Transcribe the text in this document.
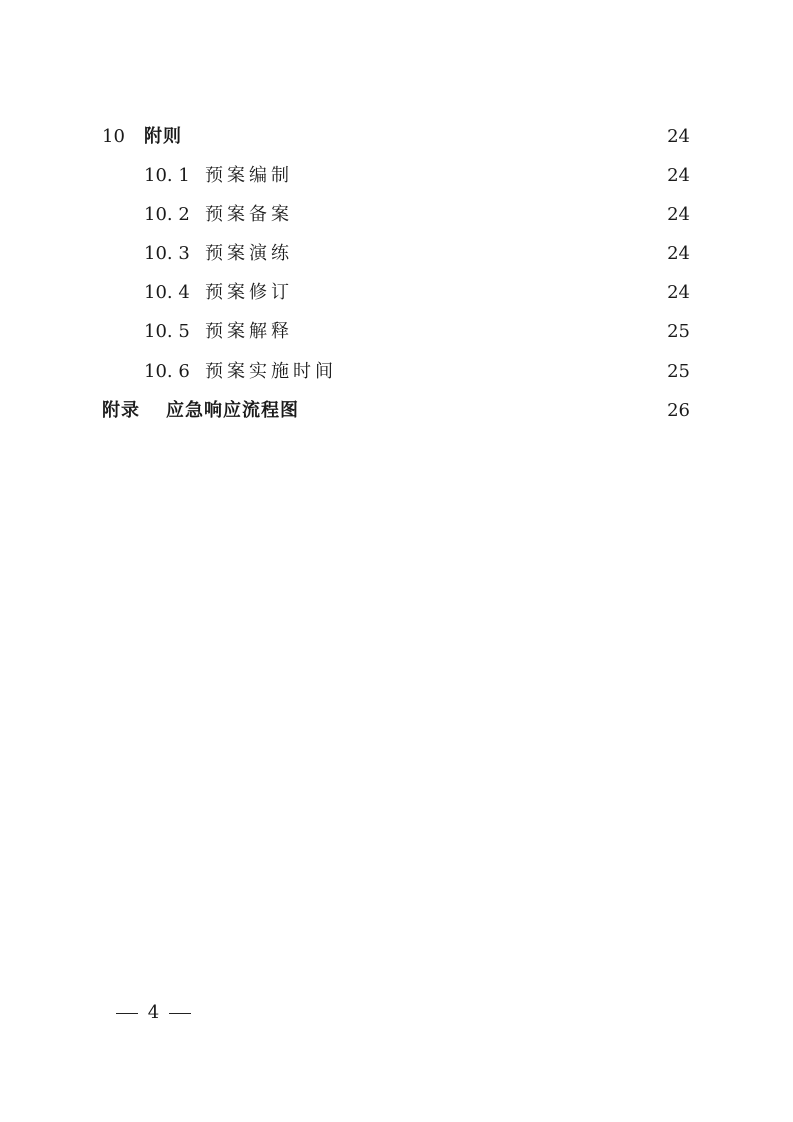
10	附则	24
10. 1 预案编制	24
10. 2 预案备案	24
10. 3 预案演练	24
10. 4 预案修订	24
10. 5 预案解释	25
10. 6 预案实施时间	25
附录	应急响应流程图	26
4
